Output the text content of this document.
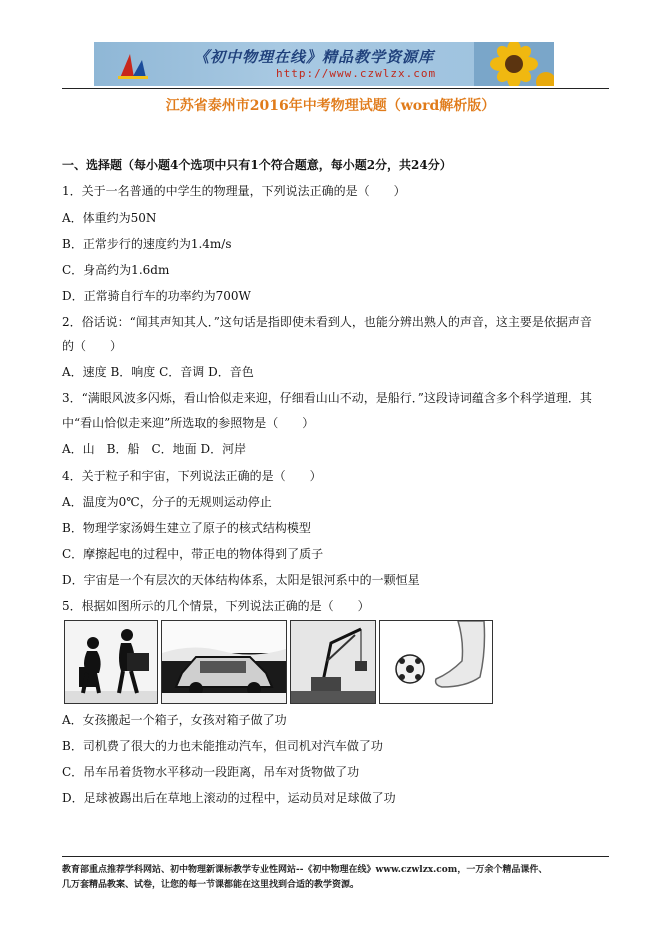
《初中物理在线》精品教学资源库
http://www.czwlzx.com
江苏省泰州市2016年中考物理试题（word解析版）
一、选择题（每小题4个选项中只有1个符合题意，每小题2分，共24分）
1．关于一名普通的中学生的物理量，下列说法正确的是（　　）
A．体重约为50N
B．正常步行的速度约为1.4m/s
C．身高约为1.6dm
D．正常骑自行车的功率约为700W
2．俗话说：“闻其声知其人．”这句话是指即使未看到人，也能分辨出熟人的声音，这主要是依据声音
的（　　）
A．速度 B．响度 C．音调 D．音色
3．“满眼风波多闪烁，看山恰似走来迎，仔细看山山不动，是船行．”这段诗词蕴含多个科学道理．其
中“看山恰似走来迎”所选取的参照物是（　　）
A．山　B．船　C．地面 D．河岸
4．关于粒子和宇宙，下列说法正确的是（　　）
A．温度为0℃，分子的无规则运动停止
B．物理学家汤姆生建立了原子的核式结构模型
C．摩擦起电的过程中，带正电的物体得到了质子
D．宇宙是一个有层次的天体结构体系，太阳是银河系中的一颗恒星
5．根据如图所示的几个情景，下列说法正确的是（　　）
A．女孩搬起一个箱子，女孩对箱子做了功
B．司机费了很大的力也未能推动汽车，但司机对汽车做了功
C．吊车吊着货物水平移动一段距离，吊车对货物做了功
D．足球被踢出后在草地上滚动的过程中，运动员对足球做了功
教育部重点推荐学科网站、初中物理新课标教学专业性网站--《初中物理在线》www.czwlzx.com，一万余个精品课件、
几万套精品教案、试卷，让您的每一节课都能在这里找到合适的教学资源。
